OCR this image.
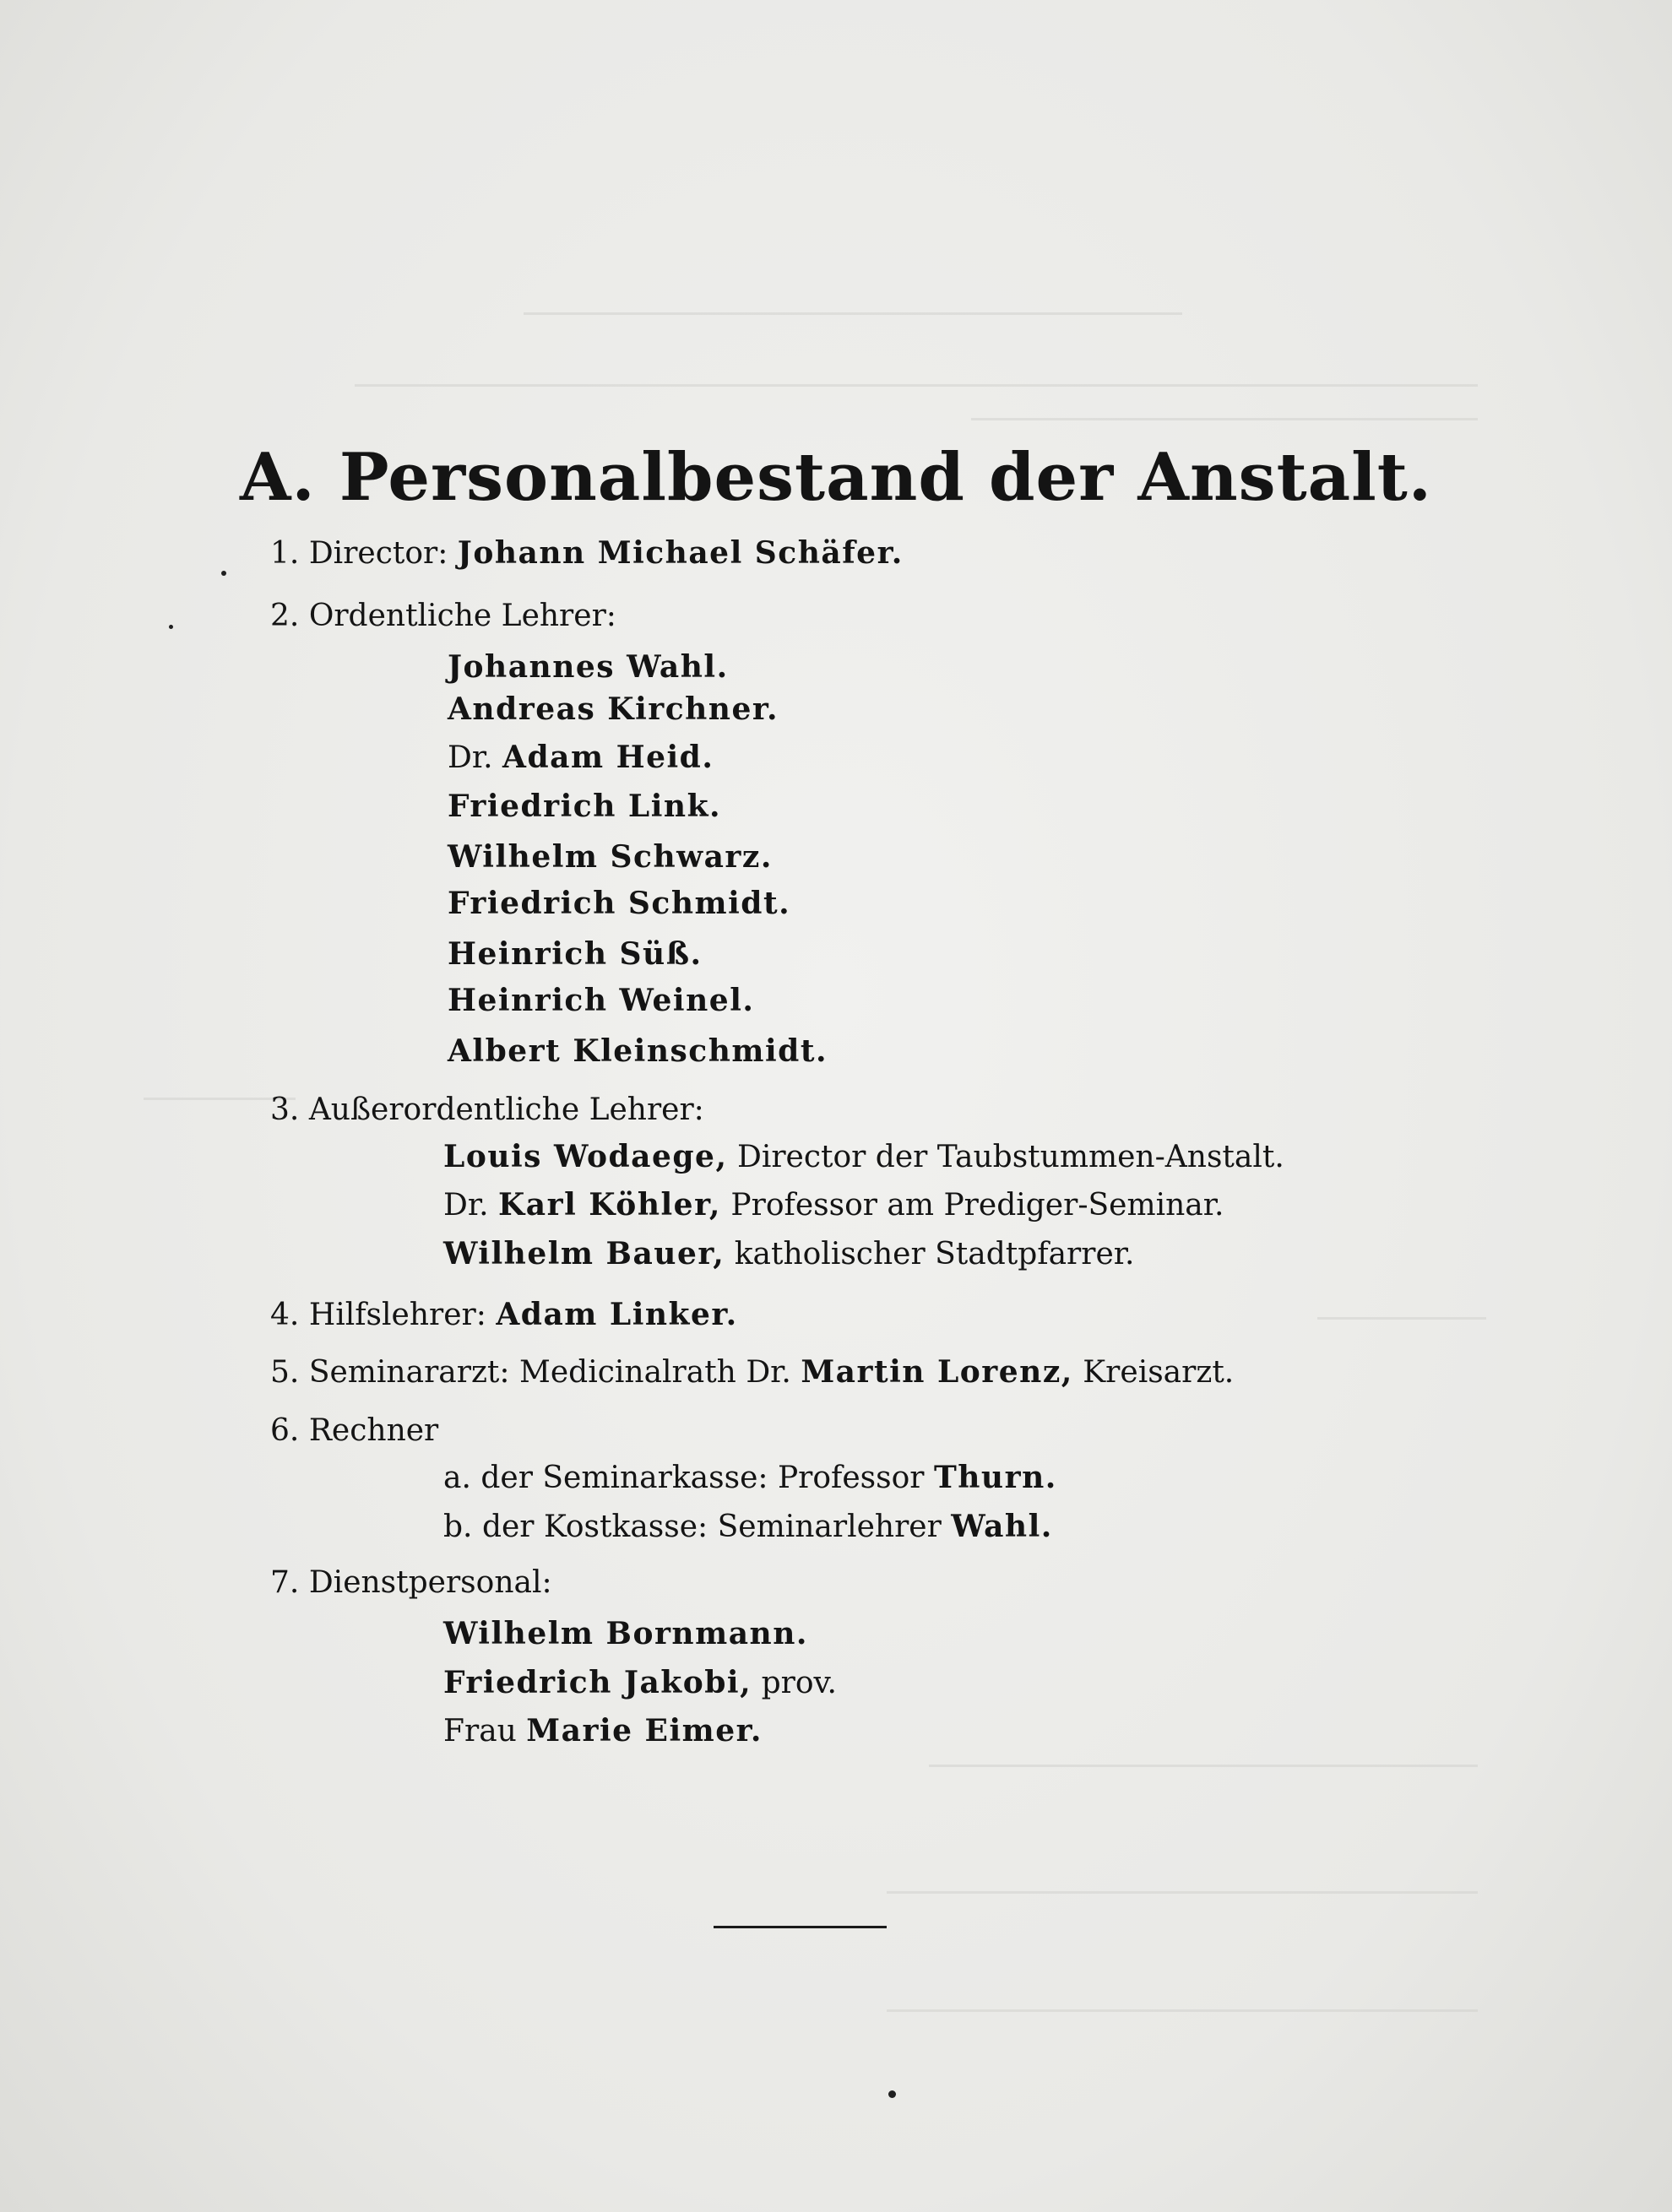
A. Personalbestand der Anstalt.
1. Director: Johann Michael Schäfer.
2. Ordentliche Lehrer:
Johannes Wahl.
Andreas Kirchner.
Dr. Adam Heid.
Friedrich Link.
Wilhelm Schwarz.
Friedrich Schmidt.
Heinrich Süß.
Heinrich Weinel.
Albert Kleinschmidt.
3. Außerordentliche Lehrer:
Louis Wodaege, Director der Taubstummen-Anstalt.
Dr. Karl Köhler, Professor am Prediger-Seminar.
Wilhelm Bauer, katholischer Stadtpfarrer.
4. Hilfslehrer: Adam Linker.
5. Seminararzt: Medicinalrath Dr. Martin Lorenz, Kreisarzt.
6. Rechner
a. der Seminarkasse: Professor Thurn.
b. der Kostkasse: Seminarlehrer Wahl.
7. Dienstpersonal:
Wilhelm Bornmann.
Friedrich Jakobi, prov.
Frau Marie Eimer.
